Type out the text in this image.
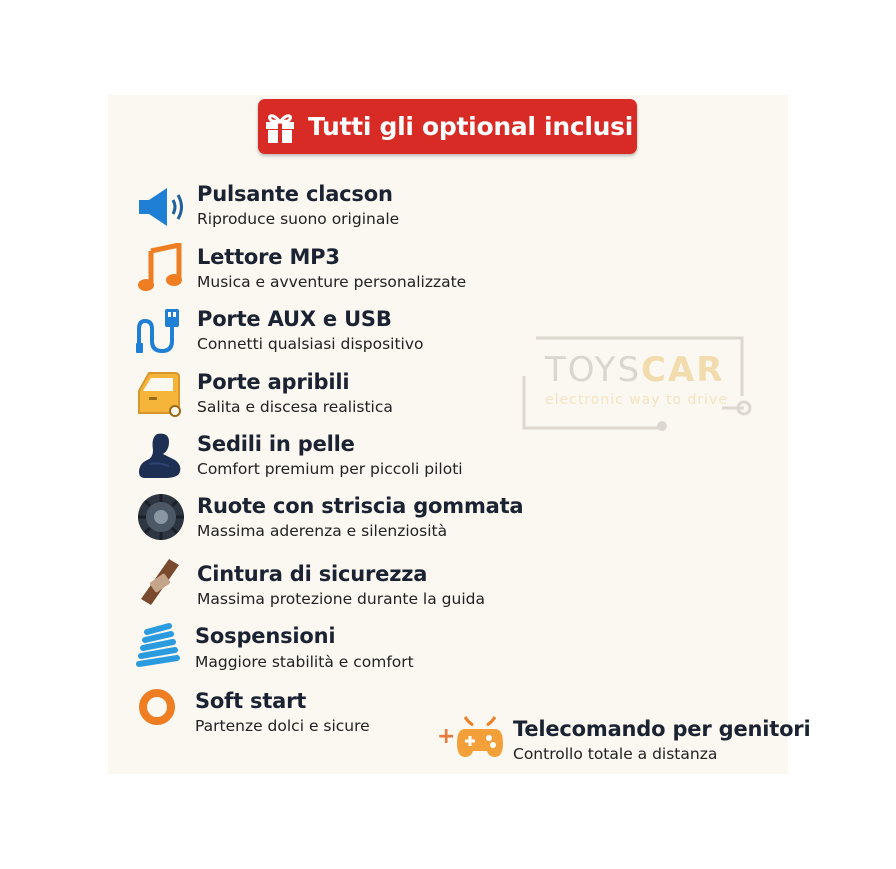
TOYSCAR
electronic way to drive
Tutti gli optional inclusi
Pulsante clacson
Riproduce suono originale
Lettore MP3
Musica e avventure personalizzate
Porte AUX e USB
Connetti qualsiasi dispositivo
Porte apribili
Salita e discesa realistica
Sedili in pelle
Comfort premium per piccoli piloti
Ruote con striscia gommata
Massima aderenza e silenziosità
Cintura di sicurezza
Massima protezione durante la guida
Sospensioni
Maggiore stabilità e comfort
Soft start
Partenze dolci e sicure	+	Telecomando per genitori
Controllo totale a distanza
